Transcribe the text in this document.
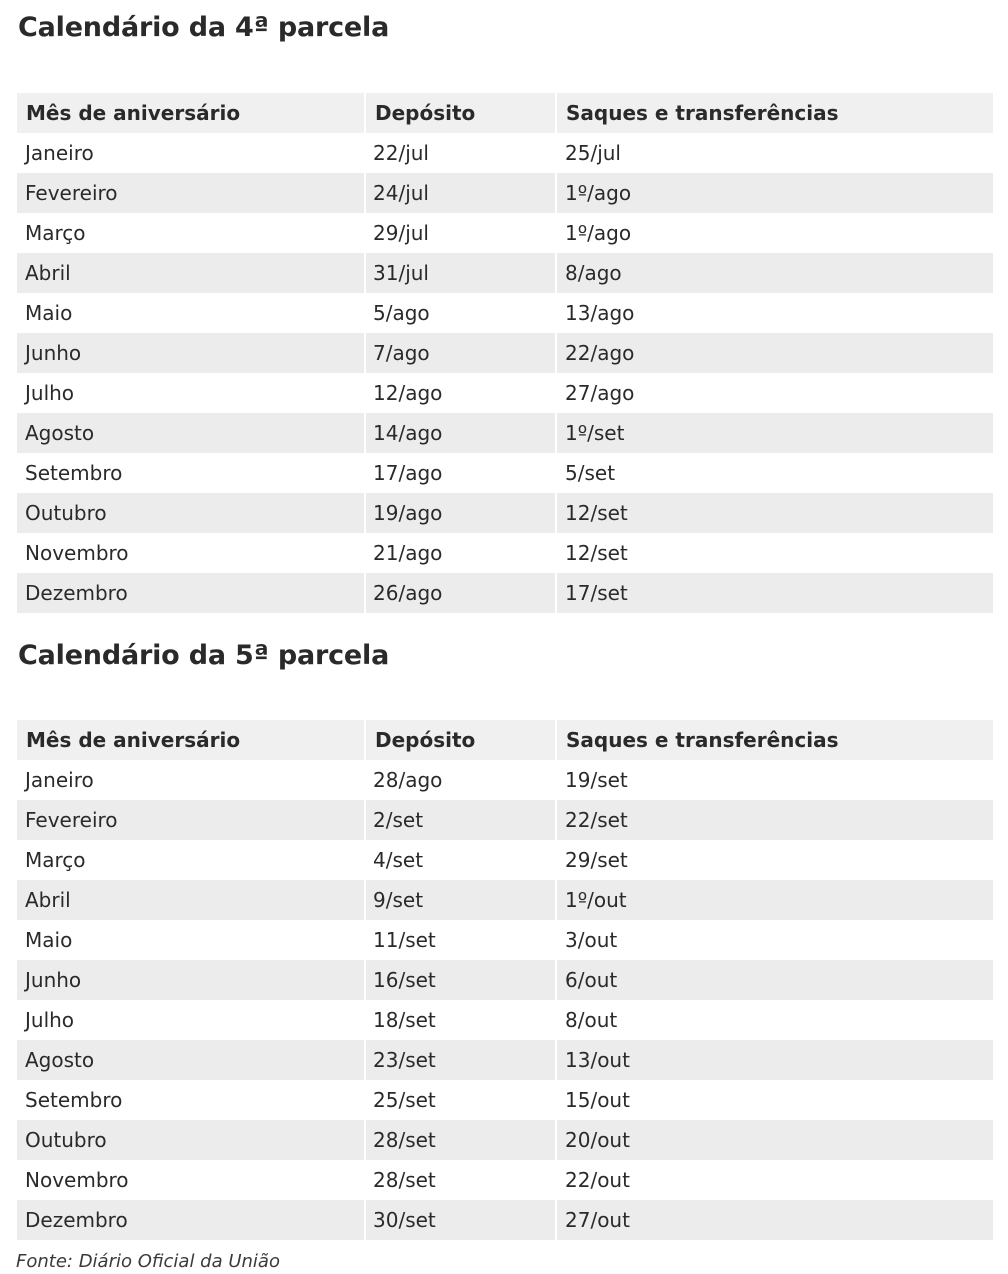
Calendário da 4ª parcela
Mês de aniversário	Depósito	Saques e transferências
Janeiro	22/jul	25/jul
Fevereiro	24/jul	1º/ago
Março	29/jul	1º/ago
Abril	31/jul	8/ago
Maio	5/ago	13/ago
Junho	7/ago	22/ago
Julho	12/ago	27/ago
Agosto	14/ago	1º/set
Setembro	17/ago	5/set
Outubro	19/ago	12/set
Novembro	21/ago	12/set
Dezembro	26/ago	17/set
Calendário da 5ª parcela
Mês de aniversário	Depósito	Saques e transferências
Janeiro	28/ago	19/set
Fevereiro	2/set	22/set
Março	4/set	29/set
Abril	9/set	1º/out
Maio	11/set	3/out
Junho	16/set	6/out
Julho	18/set	8/out
Agosto	23/set	13/out
Setembro	25/set	15/out
Outubro	28/set	20/out
Novembro	28/set	22/out
Dezembro	30/set	27/out

Fonte: Diário Oficial da União
